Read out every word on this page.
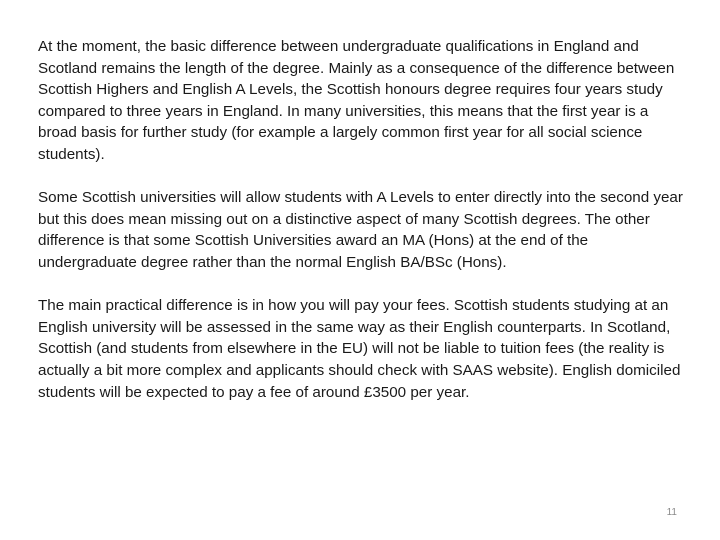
At the moment, the basic difference between undergraduate qualifications in England and Scotland remains the length of the degree. Mainly as a consequence of the difference between Scottish Highers and English A Levels, the Scottish honours degree requires four years study compared to three years in England. In many universities, this means that the first year is a broad basis for further study (for example a largely common first year for all social science students).

Some Scottish universities will allow students with A Levels to enter directly into the second year but this does mean missing out on a distinctive aspect of many Scottish degrees. The other difference is that some Scottish Universities award an MA (Hons) at the end of the undergraduate degree rather than the normal English BA/BSc (Hons).

The main practical difference is in how you will pay your fees. Scottish students studying at an English university will be assessed in the same way as their English counterparts. In Scotland, Scottish (and students from elsewhere in the EU) will not be liable to tuition fees (the reality is actually a bit more complex and applicants should check with SAAS website). English domiciled students will be expected to pay a fee of around £3500 per year.

11
